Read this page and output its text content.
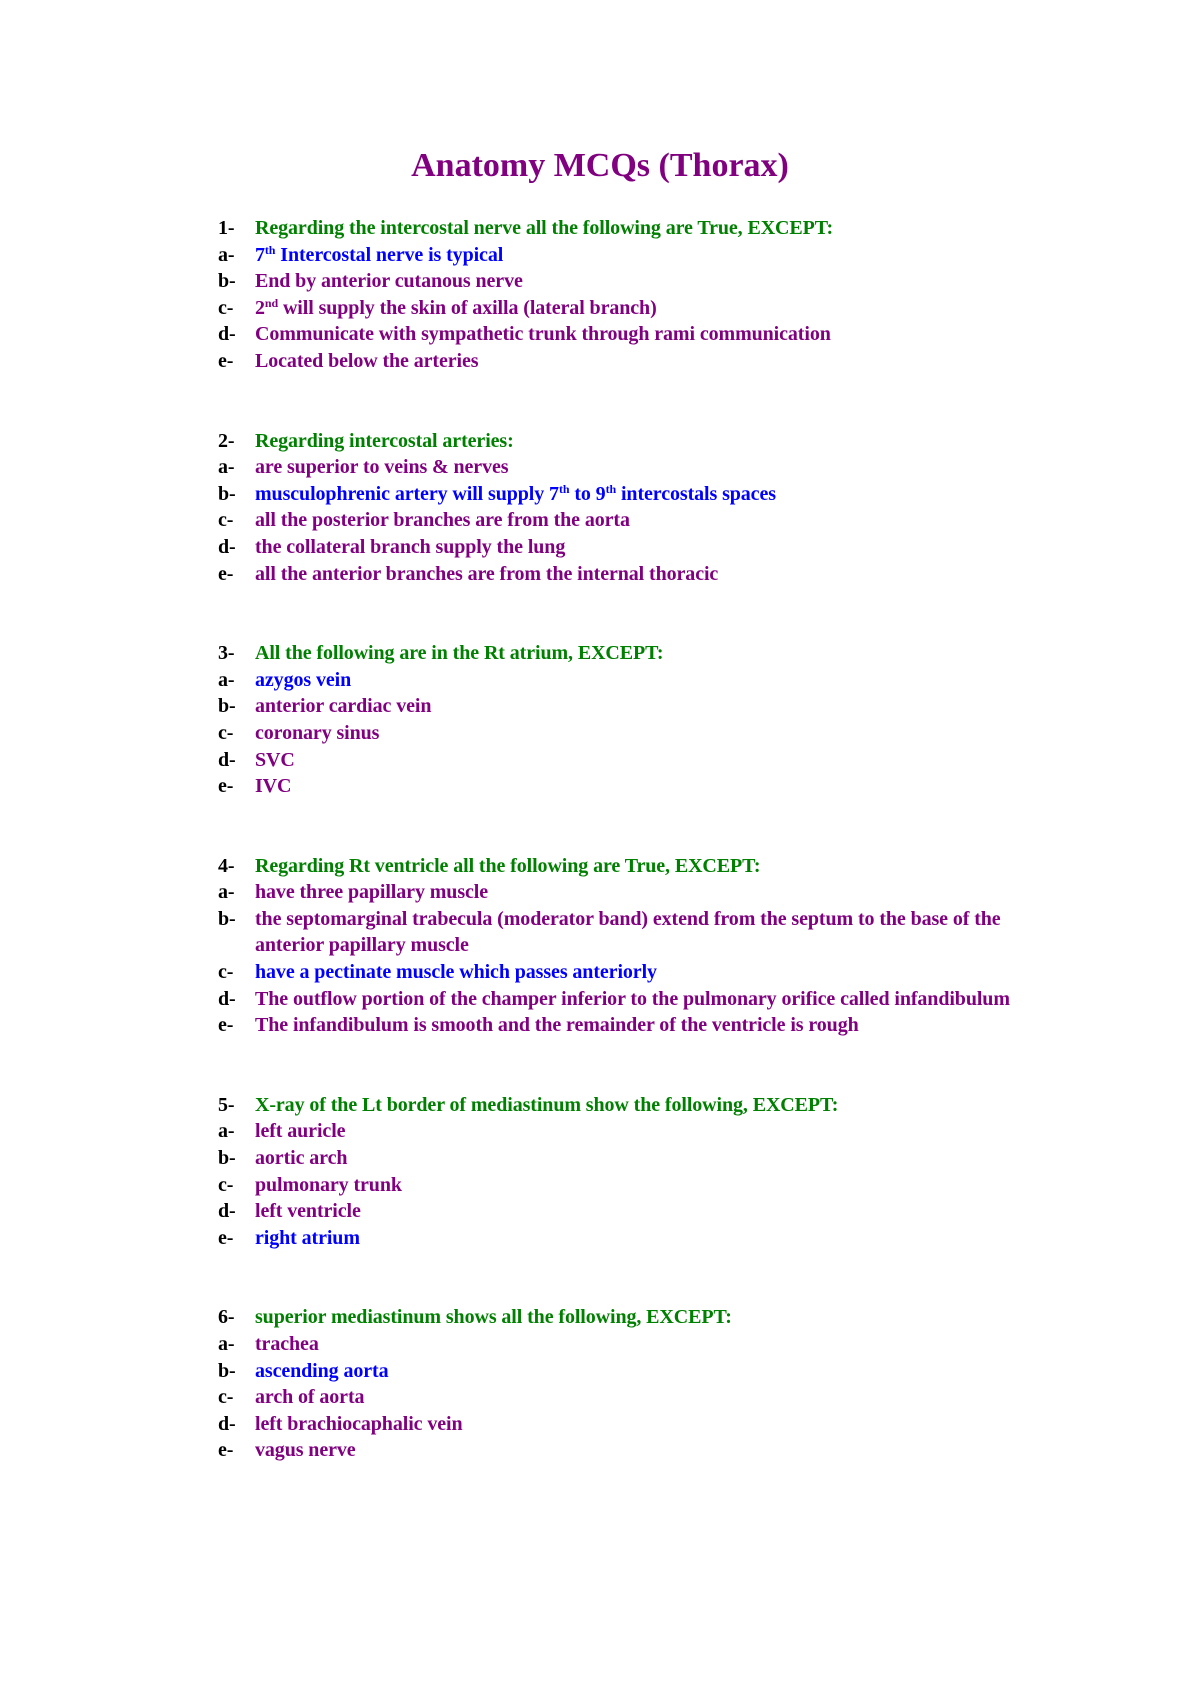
Anatomy MCQs (Thorax)
1-	Regarding the intercostal nerve all the following are True, EXCEPT:
a-	7th Intercostal nerve is typical
b- End by anterior cutanous nerve
c-	2nd will supply the skin of axilla (lateral branch)
d- Communicate with sympathetic trunk through rami communication
e-	Located below the arteries
2-	Regarding intercostal arteries:
a-	are superior to veins & nerves
b- musculophrenic artery will supply 7th to 9th intercostals spaces
c-	all the posterior branches are from the aorta
d- the collateral branch supply the lung
e-	all the anterior branches are from the internal thoracic
3-	All the following are in the Rt atrium, EXCEPT:
a-	azygos vein
b- anterior cardiac vein
c-	coronary sinus
d- SVC
e-	IVC
4-	Regarding Rt ventricle all the following are True, EXCEPT:
a-	have three papillary muscle
b- the septomarginal trabecula (moderator band) extend from the septum to the base of the anterior papillary muscle
c-	have a pectinate muscle which passes anteriorly
d- The outflow portion of the champer inferior to the pulmonary orifice called infandibulum
e-	The infandibulum is smooth and the remainder of the ventricle is rough
5-	X-ray of the Lt border of mediastinum show the following, EXCEPT:
a-	left auricle
b- aortic arch
c-	pulmonary trunk
d- left ventricle
e-	right atrium
6-	superior mediastinum shows all the following, EXCEPT:
a-	trachea
b- ascending aorta
c-	arch of aorta
d- left brachiocaphalic vein
e-	vagus nerve
